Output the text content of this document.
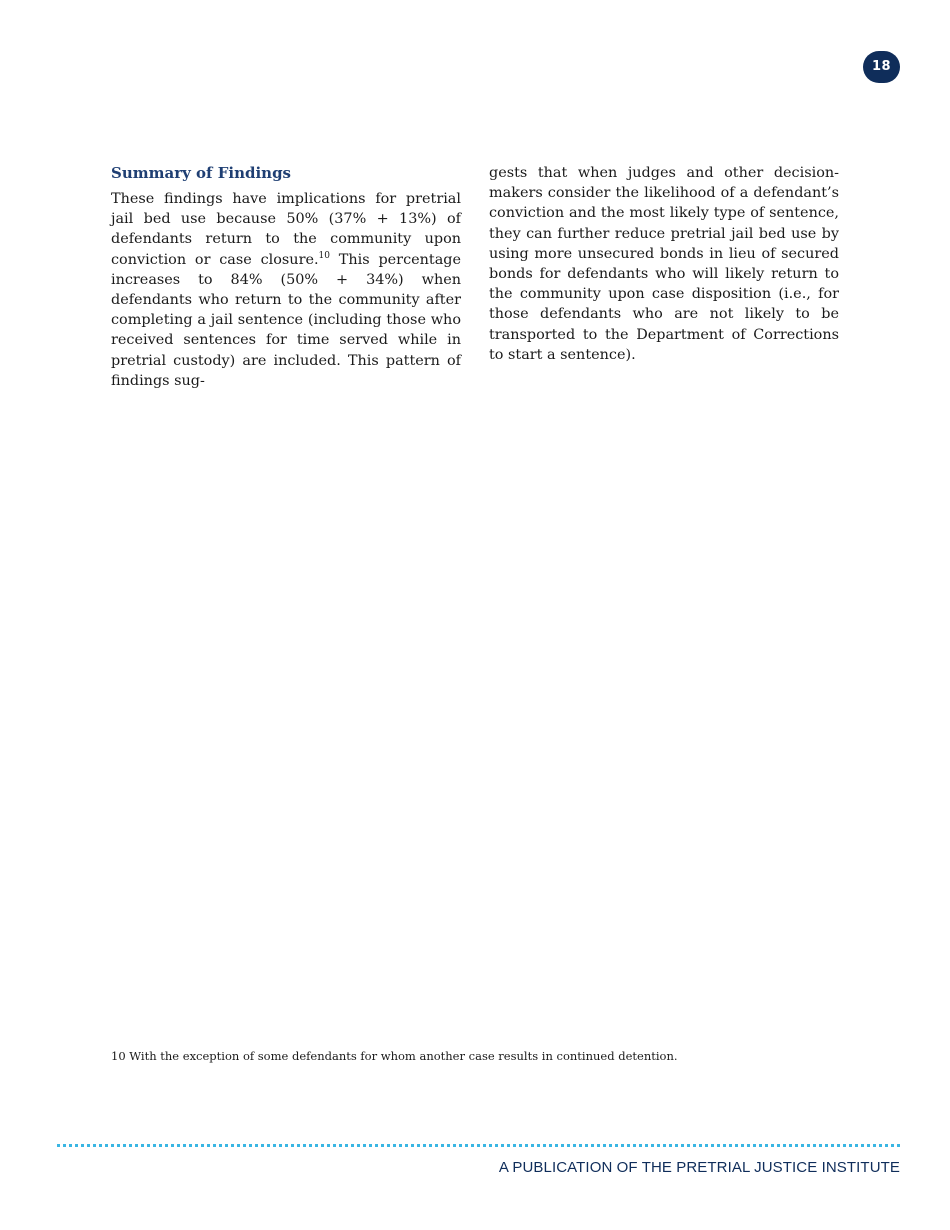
18
Summary of Findings

These findings have implications for pretrial jail bed use because 50% (37% + 13%) of defendants return to the community upon conviction or case closure.$^{10}$ This percentage increases to 84% (50% + 34%) when defendants who return to the community after completing a jail sentence (including those who received sentences for time served while in pretrial custody) are included. This pattern of findings sug-

gests that when judges and other decision-makers consider the likelihood of a defendant’s conviction and the most likely type of sentence, they can further reduce pretrial jail bed use by using more unsecured bonds in lieu of secured bonds for defendants who will likely return to the community upon case disposition (i.e., for those defendants who are not likely to be transported to the Department of Corrections to start a sentence).

10 With the exception of some defendants for whom another case results in continued detention.
A PUBLICATION OF THE PRETRIAL JUSTICE INSTITUTE
